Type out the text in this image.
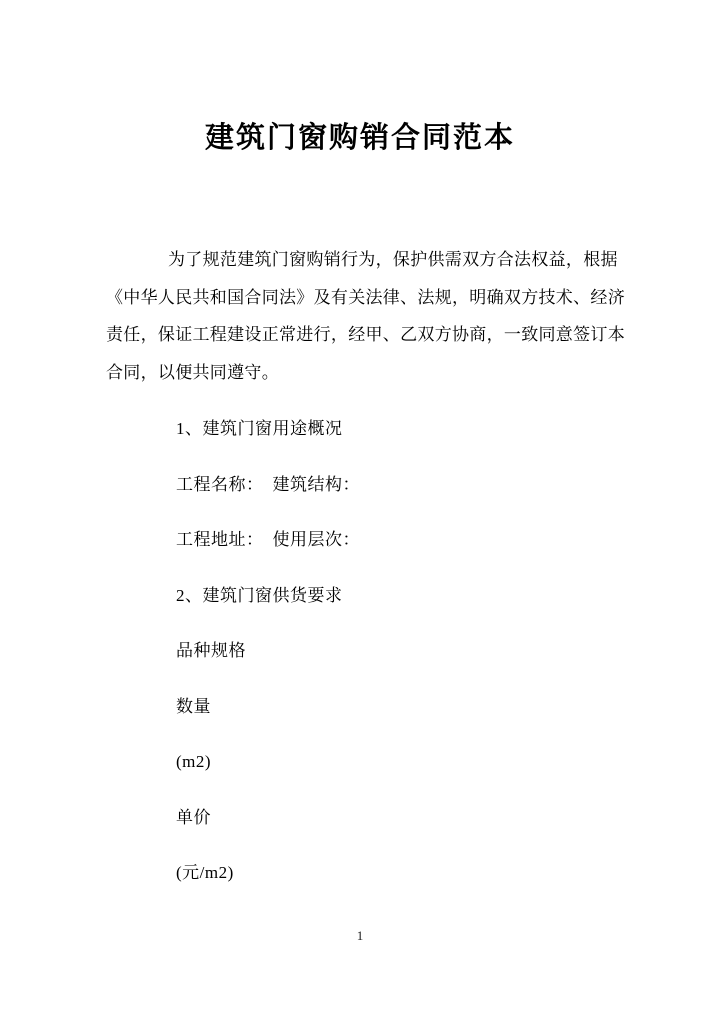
建筑门窗购销合同范本
为了规范建筑门窗购销行为，保护供需双方合法权益，根据
《中华人民共和国合同法》及有关法律、法规，明确双方技术、经济
责任，保证工程建设正常进行，经甲、乙双方协商，一致同意签订本
合同，以便共同遵守。
1、建筑门窗用途概况
工程名称：　建筑结构：
工程地址：　使用层次：
2、建筑门窗供货要求
品种规格
数量
(m2)
单价
(元/m2)
1
